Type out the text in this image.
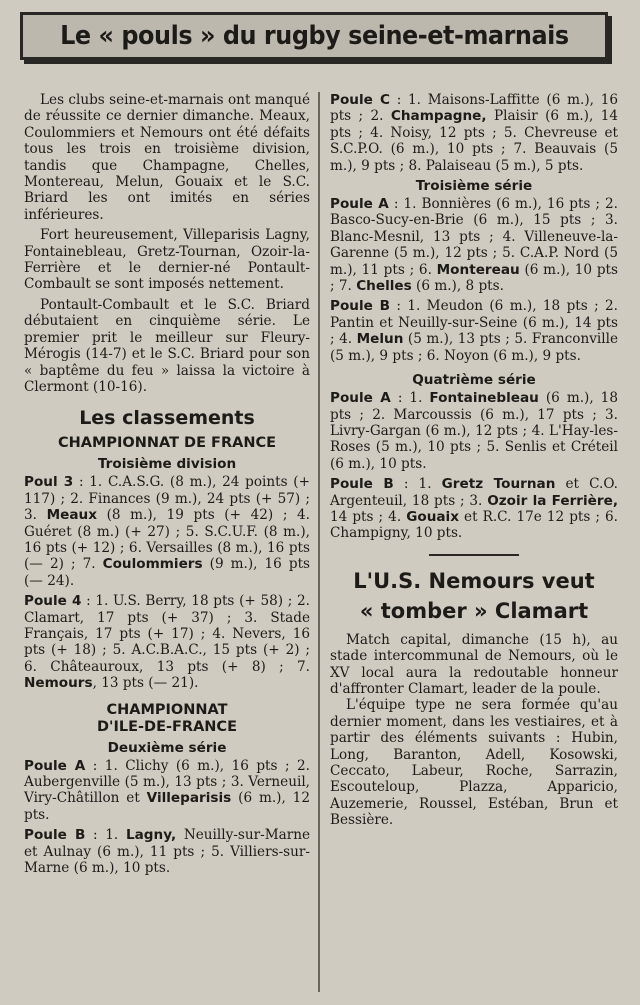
Le « pouls » du rugby seine-et-marnais

Les clubs seine-et-marnais ont manqué de réussite ce dernier dimanche. Meaux, Coulommiers et Nemours ont été défaits tous les trois en troisième division, tandis que Champagne, Chelles, Montereau, Melun, Gouaix et le S.C. Briard les ont imités en séries inférieures.

Fort heureusement, Villeparisis Lagny, Fontainebleau, Gretz-Tournan, Ozoir-la-Ferrière et le dernier-né Pontault-Combault se sont imposés nettement.

Pontault-Combault et le S.C. Briard débutaient en cinquième série. Le premier prit le meilleur sur Fleury-Mérogis (14-7) et le S.C. Briard pour son « baptême du feu » laissa la victoire à Clermont (10-16).

Les classements
CHAMPIONNAT DE FRANCE
Troisième division

Poul 3 : 1. C.A.S.G. (8 m.), 24 points (+ 117) ; 2. Finances (9 m.), 24 pts (+ 57) ; 3. Meaux (8 m.), 19 pts (+ 42) ; 4. Guéret (8 m.) (+ 27) ; 5. S.C.U.F. (8 m.), 16 pts (+ 12) ; 6. Versailles (8 m.), 16 pts (— 2) ; 7. Coulommiers (9 m.), 16 pts (— 24).

Poule 4 : 1. U.S. Berry, 18 pts (+ 58) ; 2. Clamart, 17 pts (+ 37) ; 3. Stade Français, 17 pts (+ 17) ; 4. Nevers, 16 pts (+ 18) ; 5. A.C.B.A.C., 15 pts (+ 2) ; 6. Châteauroux, 13 pts (+ 8) ; 7. Nemours, 13 pts (— 21).

CHAMPIONNAT
D'ILE-DE-FRANCE
Deuxième série

Poule A : 1. Clichy (6 m.), 16 pts ; 2. Aubergenville (5 m.), 13 pts ; 3. Verneuil, Viry-Châtillon et Villeparisis (6 m.), 12 pts.

Poule B : 1. Lagny, Neuilly-sur-Marne et Aulnay (6 m.), 11 pts ; 5. Villiers-sur-Marne (6 m.), 10 pts.

Poule C : 1. Maisons-Laffitte (6 m.), 16 pts ; 2. Champagne, Plaisir (6 m.), 14 pts ; 4. Noisy, 12 pts ; 5. Chevreuse et S.C.P.O. (6 m.), 10 pts ; 7. Beauvais (5 m.), 9 pts ; 8. Palaiseau (5 m.), 5 pts.

Troisième série

Poule A : 1. Bonnières (6 m.), 16 pts ; 2. Basco-Sucy-en-Brie (6 m.), 15 pts ; 3. Blanc-Mesnil, 13 pts ; 4. Villeneuve-la-Garenne (5 m.), 12 pts ; 5. C.A.P. Nord (5 m.), 11 pts ; 6. Montereau (6 m.), 10 pts ; 7. Chelles (6 m.), 8 pts.

Poule B : 1. Meudon (6 m.), 18 pts ; 2. Pantin et Neuilly-sur-Seine (6 m.), 14 pts ; 4. Melun (5 m.), 13 pts ; 5. Franconville (5 m.), 9 pts ; 6. Noyon (6 m.), 9 pts.

Quatrième série

Poule A : 1. Fontainebleau (6 m.), 18 pts ; 2. Marcoussis (6 m.), 17 pts ; 3. Livry-Gargan (6 m.), 12 pts ; 4. L'Hay-les-Roses (5 m.), 10 pts ; 5. Senlis et Créteil (6 m.), 10 pts.

Poule B : 1. Gretz Tournan et C.O. Argenteuil, 18 pts ; 3. Ozoir la Ferrière, 14 pts ; 4. Gouaix et R.C. 17e 12 pts ; 6. Champigny, 10 pts.

L'U.S. Nemours veut
« tomber » Clamart

Match capital, dimanche (15 h), au stade intercommunal de Nemours, où le XV local aura la redoutable honneur d'affronter Clamart, leader de la poule.

L'équipe type ne sera formée qu'au dernier moment, dans les vestiaires, et à partir des éléments suivants : Hubin, Long, Baranton, Adell, Kosowski, Ceccato, Labeur, Roche, Sarrazin, Escouteloup, Plazza, Apparicio, Auzemerie, Roussel, Estéban, Brun et Bessière.
